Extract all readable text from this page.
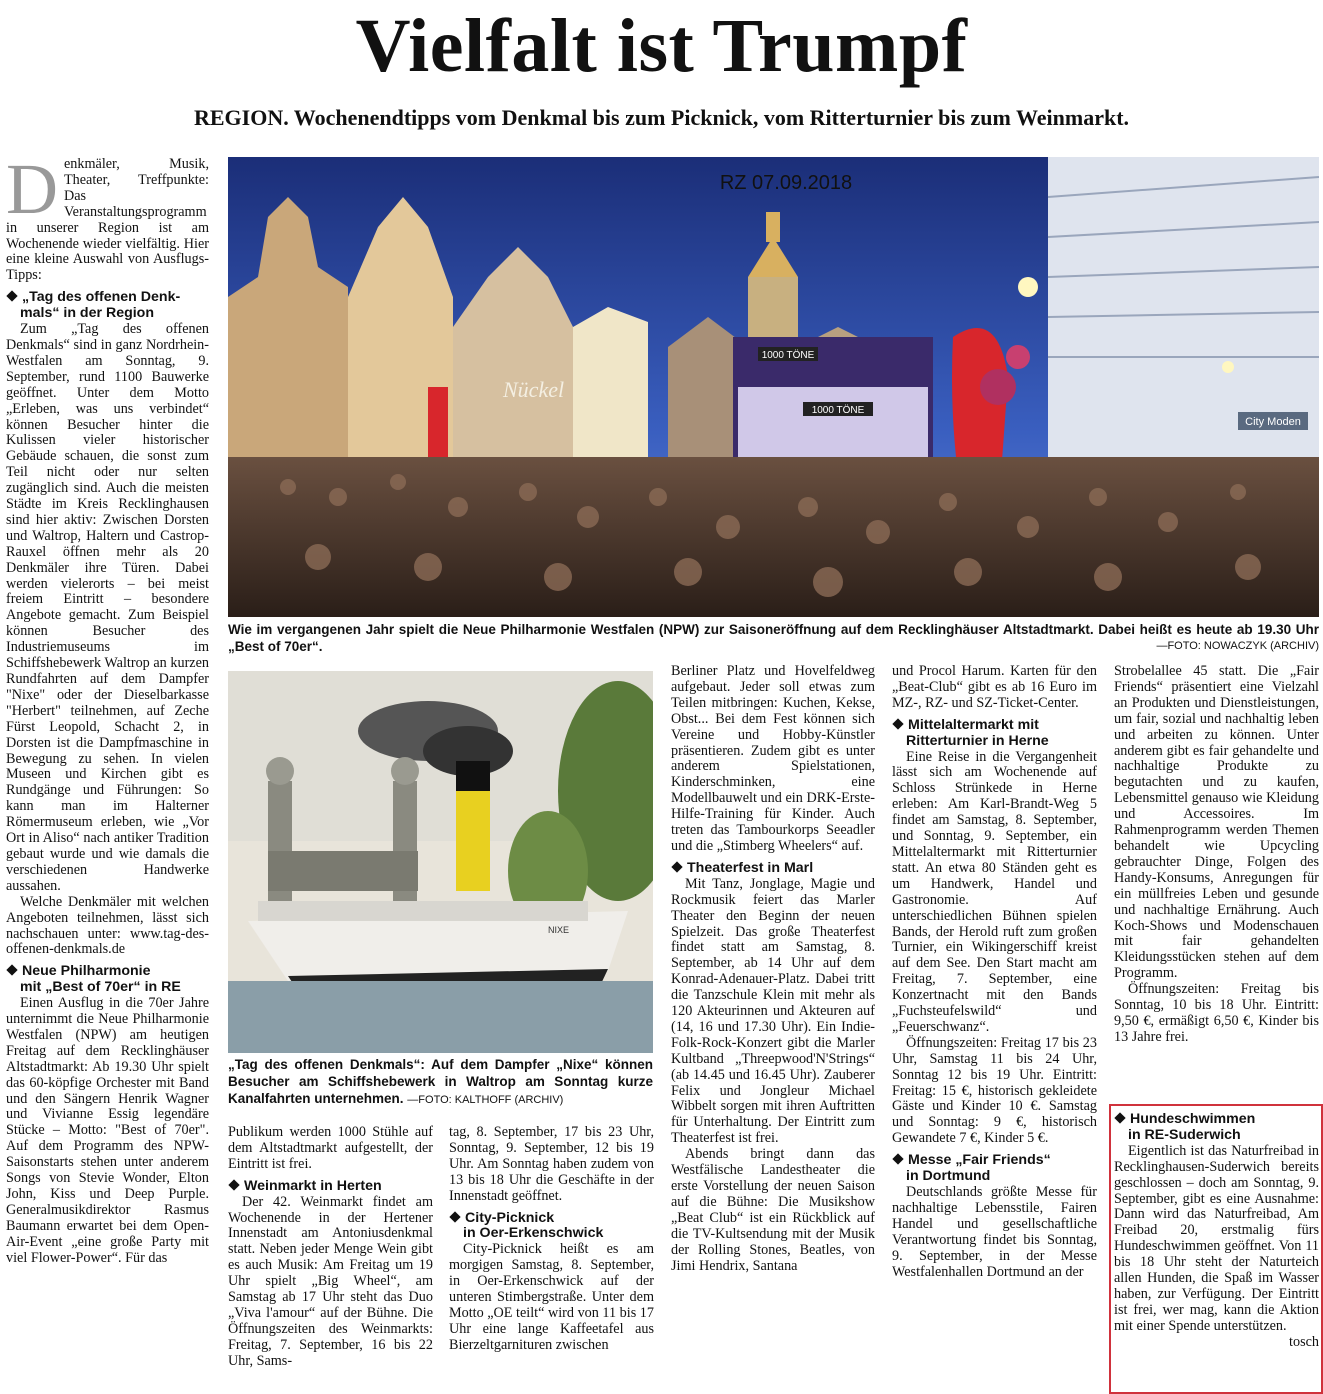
Vielfalt ist Trumpf
REGION. Wochenendtipps vom Denkmal bis zum Picknick, vom Ritterturnier bis zum Weinmarkt.
1000 TÖNE
1000 TÖNE
Nückel
City Moden
RZ 07.09.2018
Wie im vergangenen Jahr spielt die Neue Philharmonie Westfalen (NPW) zur Saisoneröffnung auf dem Recklinghäuser Altstadtmarkt. Dabei heißt es heute ab 19.30 Uhr „Best of 70er“.	—FOTO: NOWACZYK (ARCHIV)
NIXE
„Tag des offenen Denkmals“: Auf dem Dampfer „Nixe“ können Besucher am Schiffshebewerk in Waltrop am Sonntag kurze Kanalfahrten unternehmen. —FOTO: KALTHOFF (ARCHIV)
D enkmäler, Musik, Theater, Treffpunkte: Das Veranstaltungsprogramm in unserer Region ist am Wochenende wieder vielfältig. Hier eine kleine Auswahl von Ausflugs-Tipps:

„Tag des offenen Denk-
mals“ in der Region

Zum „Tag des offenen Denkmals“ sind in ganz Nordrhein-Westfalen am Sonntag, 9. September, rund 1100 Bauwerke geöffnet. Unter dem Motto „Erleben, was uns verbindet“ können Besucher hinter die Kulissen vieler historischer Gebäude schauen, die sonst zum Teil nicht oder nur selten zugänglich sind. Auch die meisten Städte im Kreis Recklinghausen sind hier aktiv: Zwischen Dorsten und Waltrop, Haltern und Castrop-Rauxel öffnen mehr als 20 Denkmäler ihre Türen. Dabei werden vielerorts – bei meist freiem Eintritt – besondere Angebote gemacht. Zum Beispiel können Besucher des Industriemuseums im Schiffshebewerk Waltrop an kurzen Rundfahrten auf dem Dampfer "Nixe" oder der Dieselbarkasse "Herbert" teilnehmen, auf Zeche Fürst Leopold, Schacht 2, in Dorsten ist die Dampfmaschine in Bewegung zu sehen. In vielen Museen und Kirchen gibt es Rundgänge und Führungen: So kann man im Halterner Römermuseum erleben, wie „Vor Ort in Aliso“ nach antiker Tradition gebaut wurde und wie damals die verschiedenen Handwerke aussahen.

Welche Denkmäler mit welchen Angeboten teilnehmen, lässt sich nachschauen unter: www.tag-des-offenen-denkmals.de

Neue Philharmonie
mit „Best of 70er“ in RE

Einen Ausflug in die 70er Jahre unternimmt die Neue Philharmonie Westfalen (NPW) am heutigen Freitag auf dem Recklinghäuser Altstadtmarkt: Ab 19.30 Uhr spielt das 60-köpfige Orchester mit Band und den Sängern Henrik Wagner und Vivianne Essig legendäre Stücke – Motto: "Best of 70er". Auf dem Programm des NPW-Saisonstarts stehen unter anderem Songs von Stevie Wonder, Elton John, Kiss und Deep Purple. Generalmusikdirektor Rasmus Baumann erwartet bei dem Open-Air-Event „eine große Party mit viel Flower-Power“. Für das

Publikum werden 1000 Stühle auf dem Altstadtmarkt aufgestellt, der Eintritt ist frei.

Weinmarkt in Herten

Der 42. Weinmarkt findet am Wochenende in der Hertener Innenstadt am Antoniusdenkmal statt. Neben jeder Menge Wein gibt es auch Musik: Am Freitag um 19 Uhr spielt „Big Wheel“, am Samstag ab 17 Uhr steht das Duo „Viva l'amour“ auf der Bühne. Die Öffnungszeiten des Weinmarkts: Freitag, 7. September, 16 bis 22 Uhr, Sams-

tag, 8. September, 17 bis 23 Uhr, Sonntag, 9. September, 12 bis 19 Uhr. Am Sonntag haben zudem von 13 bis 18 Uhr die Geschäfte in der Innenstadt geöffnet.

City-Picknick
in Oer-Erkenschwick

City-Picknick heißt es am morgigen Samstag, 8. September, in Oer-Erkenschwick auf der unteren Stimbergstraße. Unter dem Motto „OE teilt“ wird von 11 bis 17 Uhr eine lange Kaffeetafel aus Bierzeltgarnituren zwischen

Berliner Platz und Hovelfeldweg aufgebaut. Jeder soll etwas zum Teilen mitbringen: Kuchen, Kekse, Obst... Bei dem Fest können sich Vereine und Hobby-Künstler präsentieren. Zudem gibt es unter anderem Spielstationen, Kinderschminken, eine Modellbauwelt und ein DRK-Erste-Hilfe-Training für Kinder. Auch treten das Tambourkorps Seeadler und die „Stimberg Wheelers“ auf.

Theaterfest in Marl

Mit Tanz, Jonglage, Magie und Rockmusik feiert das Marler Theater den Beginn der neuen Spielzeit. Das große Theaterfest findet statt am Samstag, 8. September, ab 14 Uhr auf dem Konrad-Adenauer-Platz. Dabei tritt die Tanzschule Klein mit mehr als 120 Akteurinnen und Akteuren auf (14, 16 und 17.30 Uhr). Ein Indie-Folk-Rock-Konzert gibt die Marler Kultband „Threepwood'N'Strings“ (ab 14.45 und 16.45 Uhr). Zauberer Felix und Jongleur Michael Wibbelt sorgen mit ihren Auftritten für Unterhaltung. Der Eintritt zum Theaterfest ist frei.

Abends bringt dann das Westfälische Landestheater die erste Vorstellung der neuen Saison auf die Bühne: Die Musikshow „Beat Club“ ist ein Rückblick auf die TV-Kultsendung mit der Musik der Rolling Stones, Beatles, von Jimi Hendrix, Santana

und Procol Harum. Karten für den „Beat-Club“ gibt es ab 16 Euro im MZ-, RZ- und SZ-Ticket-Center.

Mittelaltermarkt mit
Ritterturnier in Herne

Eine Reise in die Vergangenheit lässt sich am Wochenende auf Schloss Strünkede in Herne erleben: Am Karl-Brandt-Weg 5 findet am Samstag, 8. September, und Sonntag, 9. September, ein Mittelaltermarkt mit Ritterturnier statt. An etwa 80 Ständen geht es um Handwerk, Handel und Gastronomie. Auf unterschiedlichen Bühnen spielen Bands, der Herold ruft zum großen Turnier, ein Wikingerschiff kreist auf dem See. Den Start macht am Freitag, 7. September, eine Konzertnacht mit den Bands „Fuchsteufelswild“ und „Feuerschwanz“.

Öffnungszeiten: Freitag 17 bis 23 Uhr, Samstag 11 bis 24 Uhr, Sonntag 12 bis 19 Uhr. Eintritt: Freitag: 15 €, historisch gekleidete Gäste und Kinder 10 €. Samstag und Sonntag: 9 €, historisch Gewandete 7 €, Kinder 5 €.

Messe „Fair Friends“
in Dortmund

Deutschlands größte Messe für nachhaltige Lebensstile, Fairen Handel und gesellschaftliche Verantwortung findet bis Sonntag, 9. September, in der Messe Westfalenhallen Dortmund an der

Strobelallee 45 statt. Die „Fair Friends“ präsentiert eine Vielzahl an Produkten und Dienstleistungen, um fair, sozial und nachhaltig leben und arbeiten zu können. Unter anderem gibt es fair gehandelte und nachhaltige Produkte zu begutachten und zu kaufen, Lebensmittel genauso wie Kleidung und Accessoires. Im Rahmenprogramm werden Themen behandelt wie Upcycling gebrauchter Dinge, Folgen des Handy-Konsums, Anregungen für ein müllfreies Leben und gesunde und nachhaltige Ernährung. Auch Koch-Shows und Modenschauen mit fair gehandelten Kleidungsstücken stehen auf dem Programm.

Öffnungszeiten: Freitag bis Sonntag, 10 bis 18 Uhr. Eintritt: 9,50 €, ermäßigt 6,50 €, Kinder bis 13 Jahre frei.

Hundeschwimmen
in RE-Suderwich

Eigentlich ist das Naturfreibad in Recklinghausen-Suderwich bereits geschlossen – doch am Sonntag, 9. September, gibt es eine Ausnahme: Dann wird das Naturfreibad, Am Freibad 20, erstmalig fürs Hundeschwimmen geöffnet. Von 11 bis 18 Uhr steht der Naturteich allen Hunden, die Spaß im Wasser haben, zur Verfügung. Der Eintritt ist frei, wer mag, kann die Aktion mit einer Spende unterstützen.

tosch
